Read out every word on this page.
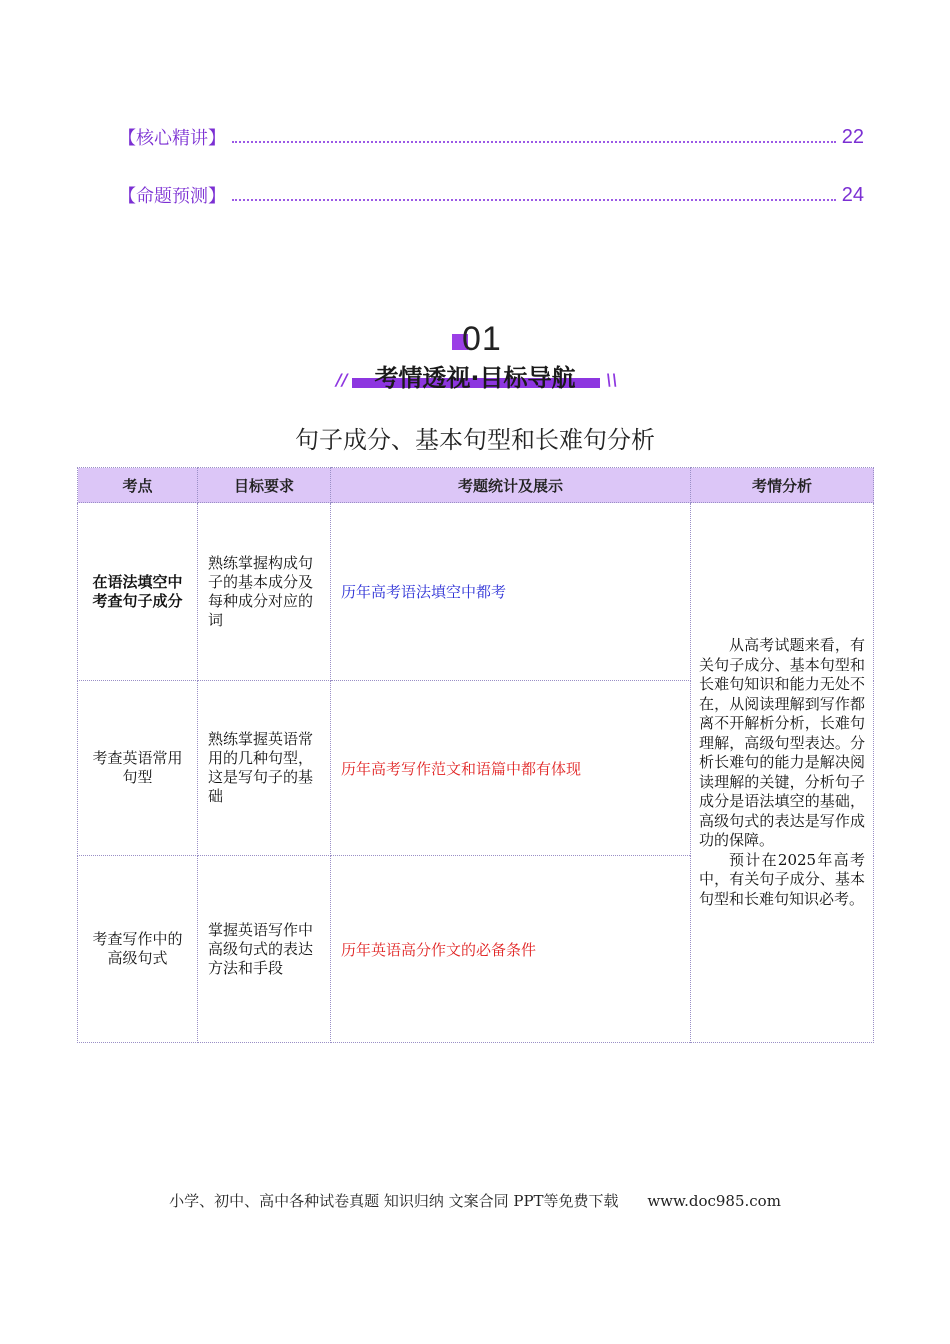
【核心精讲】	22
【命题预测】	24
01
//	考情透视·目标导航	\\
句子成分、基本句型和长难句分析
考点	目标要求	考题统计及展示	考情分析
在语法填空中考查句子成分	熟练掌握构成句子的基本成分及每种成分对应的词	历年高考语法填空中都考	从高考试题来看，有关句子成分、基本句型和长难句知识和能力无处不在，从阅读理解到写作都离不开解析分析，长难句理解，高级句型表达。分析长难句的能力是解决阅读理解的关键，分析句子成分是语法填空的基础，高级句式的表达是写作成功的保障。

预计在2025年高考中，有关句子成分、基本句型和长难句知识必考。

考查英语常用句型	熟练掌握英语常用的几种句型，这是写句子的基础	历年高考写作范文和语篇中都有体现	
考查写作中的高级句式	掌握英语写作中高级句式的表达方法和手段	历年英语高分作文的必备条件	
小学、初中、高中各种试卷真题 知识归纳 文案合同 PPT等免费下载 www.doc985.com
